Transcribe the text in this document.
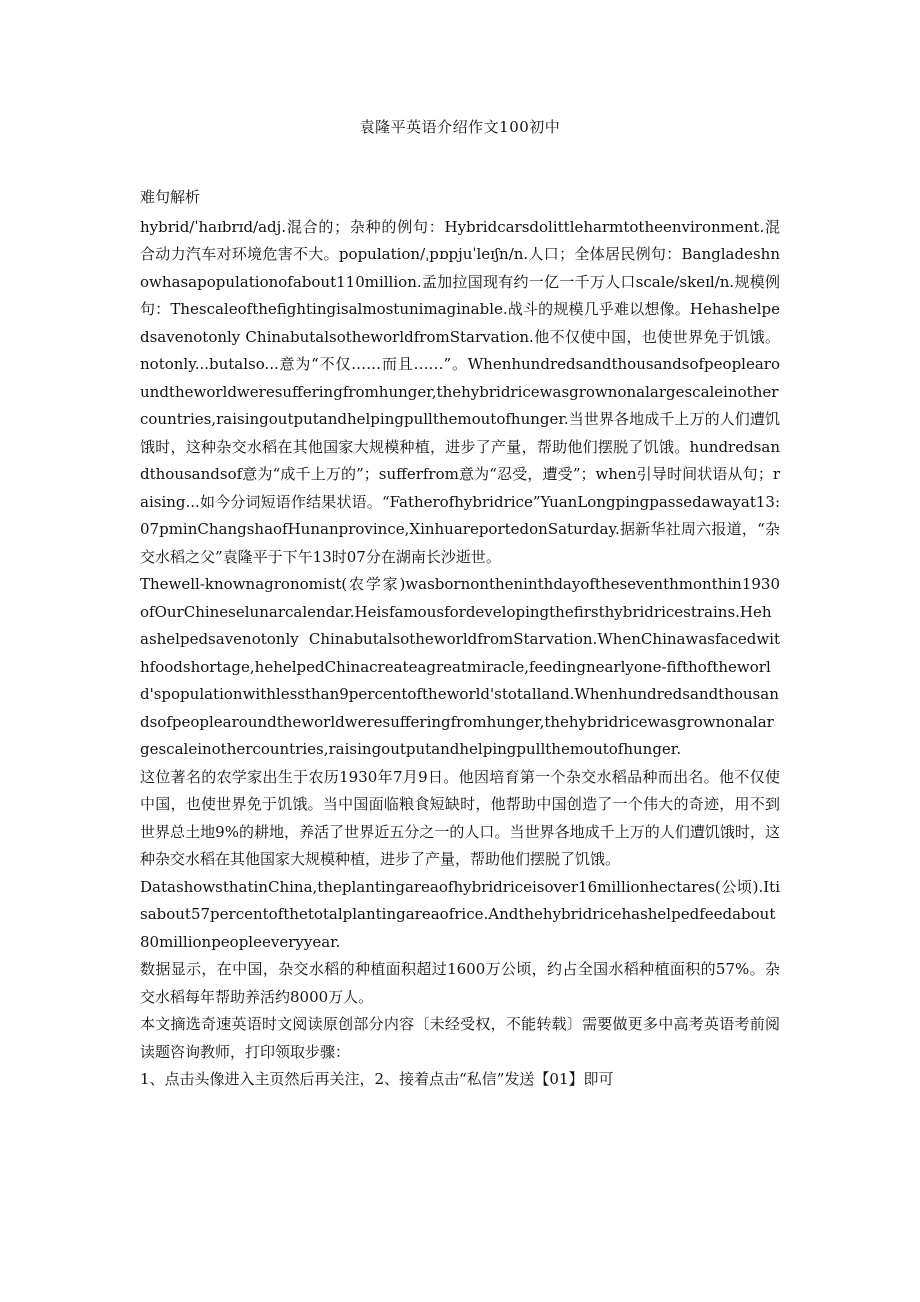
袁隆平英语介绍作文100初中

难句解析

hybrid/ˈhaɪbrɪd/adj.混合的；杂种的例句：Hybridcarsdolittleharmtotheenvironment.混合动力汽车对环境危害不大。population/ˌpɒpjuˈleɪʃn/n.人口；全体居民例句：Bangladeshnowhasapopulationofabout110million.孟加拉国现有约一亿一千万人口scale/skeɪl/n.规模例句：Thescaleofthefightingisalmostunimaginable.战斗的规模几乎难以想像。Hehashelpedsavenotonly ChinabutalsotheworldfromStarvation.他不仅使中国，也使世界免于饥饿。notonly...butalso...意为“不仅……而且……”。Whenhundredsandthousandsofpeoplearoundtheworldweresufferingfromhunger,thehybridricewasgrownonalargescaleinothercountries,raisingoutputandhelpingpullthemoutofhunger.当世界各地成千上万的人们遭饥饿时，这种杂交水稻在其他国家大规模种植，进步了产量，帮助他们摆脱了饥饿。hundredsandthousandsof意为“成千上万的”；sufferfrom意为“忍受，遭受”；when引导时间状语从句；raising...如今分词短语作结果状语。“Fatherofhybridrice”YuanLongpingpassedawayat13:07pminChangshaofHunanprovince,XinhuareportedonSaturday.据新华社周六报道，“杂交水稻之父”袁隆平于下午13时07分在湖南长沙逝世。

Thewell-knownagronomist(农学家)wasbornontheninthdayoftheseventhmonthin1930ofOurChineselunarcalendar.Heisfamousfordevelopingthefirsthybridricestrains.Hehashelpedsavenotonly ChinabutalsotheworldfromStarvation.WhenChinawasfacedwithfoodshortage,hehelpedChinacreateagreatmiracle,feedingnearlyone-fifthoftheworld'spopulationwithlessthan9percentoftheworld'stotalland.Whenhundredsandthousandsofpeoplearoundtheworldweresufferingfromhunger,thehybridricewasgrownonalargescaleinothercountries,raisingoutputandhelpingpullthemoutofhunger.

这位著名的农学家出生于农历1930年7月9日。他因培育第一个杂交水稻品种而出名。他不仅使中国，也使世界免于饥饿。当中国面临粮食短缺时，他帮助中国创造了一个伟大的奇迹，用不到世界总土地9%的耕地，养活了世界近五分之一的人口。当世界各地成千上万的人们遭饥饿时，这种杂交水稻在其他国家大规模种植，进步了产量，帮助他们摆脱了饥饿。

DatashowsthatinChina,theplantingareaofhybridriceisover16millionhectares(公顷).Itisabout57percentofthetotalplantingareaofrice.Andthehybridricehashelpedfeedabout80millionpeopleeveryyear.

数据显示，在中国，杂交水稻的种植面积超过1600万公顷，约占全国水稻种植面积的57%。杂交水稻每年帮助养活约8000万人。

本文摘选奇速英语时文阅读原创部分内容〔未经受权，不能转载〕需要做更多中高考英语考前阅读题咨询教师，打印领取步骤：

1、点击头像进入主页然后再关注，2、接着点击“私信”发送【01】即可
